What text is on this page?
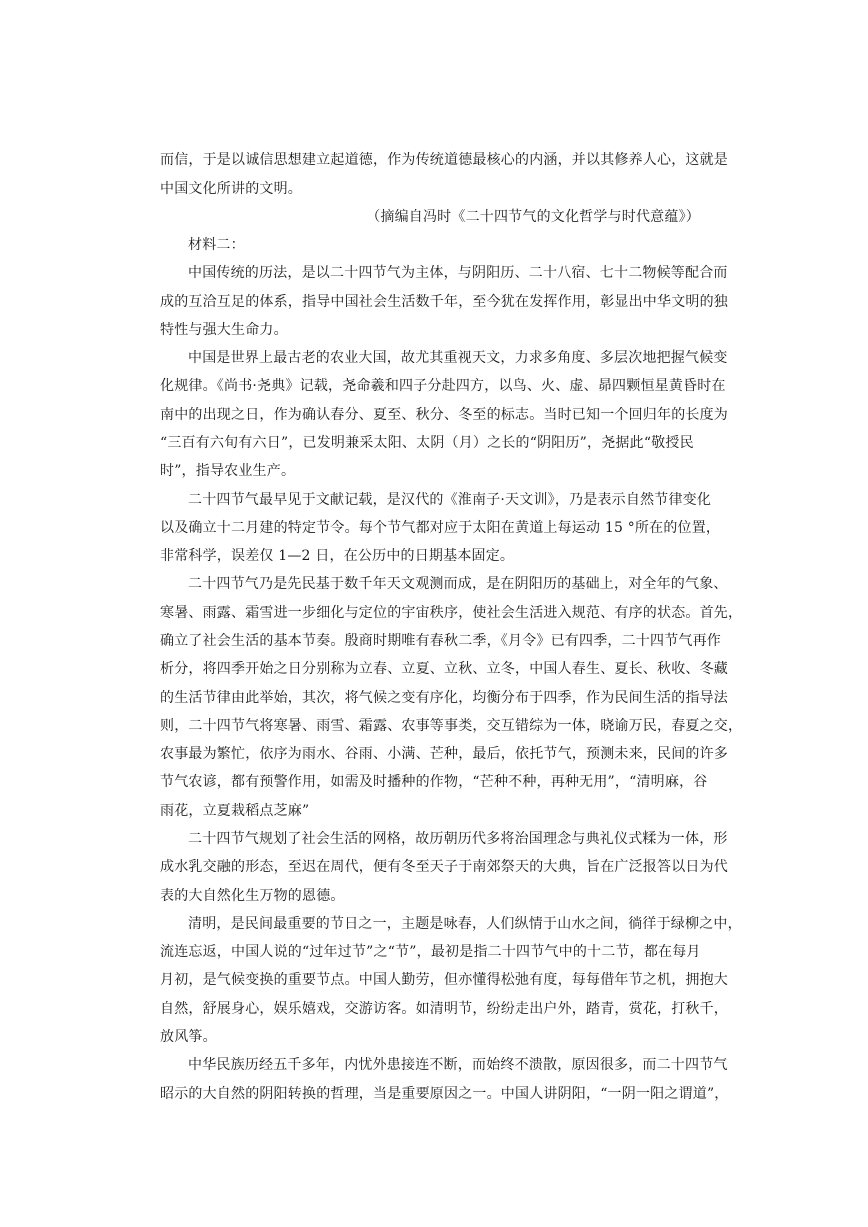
而信，于是以诚信思想建立起道德，作为传统道德最核心的内涵，并以其修养人心，这就是
中国文化所讲的文明。
（摘编自冯时《二十四节气的文化哲学与时代意蕴》）
材料二：
中国传统的历法，是以二十四节气为主体，与阴阳历、二十八宿、七十二物候等配合而
成的互洽互足的体系，指导中国社会生活数千年，至今犹在发挥作用，彰显出中华文明的独
特性与强大生命力。
中国是世界上最古老的农业大国，故尤其重视天文，力求多角度、多层次地把握气候变
化规律。《尚书·尧典》记载，尧命羲和四子分赴四方，以鸟、火、虚、昴四颗恒星黄昏时在
南中的出现之日，作为确认春分、夏至、秋分、冬至的标志。当时已知一个回归年的长度为
“三百有六旬有六日”，已发明兼采太阳、太阴（月）之长的“阴阳历”，尧据此“敬授民
时”，指导农业生产。
二十四节气最早见于文献记载，是汉代的《淮南子·天文训》，乃是表示自然节律变化
以及确立十二月建的特定节令。每个节气都对应于太阳在黄道上每运动 15 °所在的位置，
非常科学，误差仅 1—2 日，在公历中的日期基本固定。
二十四节气乃是先民基于数千年天文观测而成，是在阴阳历的基础上，对全年的气象、
寒暑、雨露、霜雪进一步细化与定位的宇宙秩序，使社会生活进入规范、有序的状态。首先，
确立了社会生活的基本节奏。殷商时期唯有春秋二季，《月令》已有四季，二十四节气再作
析分，将四季开始之日分别称为立春、立夏、立秋、立冬，中国人春生、夏长、秋收、冬藏
的生活节律由此举始，其次，将气候之变有序化，均衡分布于四季，作为民间生活的指导法
则，二十四节气将寒暑、雨雪、霜露、农事等事类，交互错综为一体，晓谕万民，春夏之交，
农事最为繁忙，依序为雨水、谷雨、小满、芒种，最后，依托节气，预测未来，民间的许多
节气农谚，都有预警作用，如需及时播种的作物，“芒种不种，再种无用”，“清明麻，谷
雨花，立夏栽稻点芝麻”
二十四节气规划了社会生活的网格，故历朝历代多将治国理念与典礼仪式糅为一体，形
成水乳交融的形态，至迟在周代，便有冬至天子于南郊祭天的大典，旨在广泛报答以日为代
表的大自然化生万物的恩德。
清明，是民间最重要的节日之一，主题是咏春，人们纵情于山水之间，徜徉于绿柳之中，
流连忘返，中国人说的“过年过节”之“节”，最初是指二十四节气中的十二节，都在每月
月初，是气候变换的重要节点。中国人勤劳，但亦懂得松弛有度，每每借年节之机，拥抱大
自然，舒展身心，娱乐嬉戏，交游访客。如清明节，纷纷走出户外，踏青，赏花，打秋千，
放风筝。
中华民族历经五千多年，内忧外患接连不断，而始终不溃散，原因很多，而二十四节气
昭示的大自然的阴阳转换的哲理，当是重要原因之一。中国人讲阴阳，“一阴一阳之谓道”，
